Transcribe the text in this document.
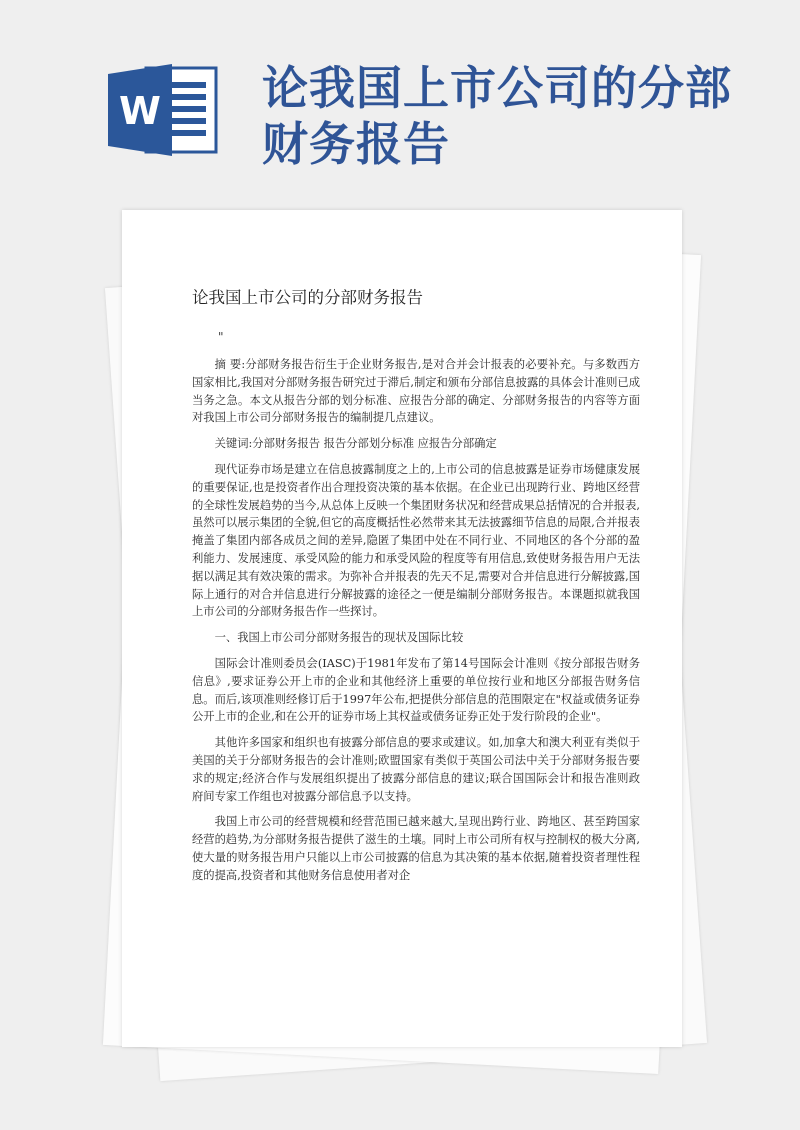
W 论我国上市公司的分部
财务报告
论我国上市公司的分部财务报告
"

摘 要:分部财务报告衍生于企业财务报告,是对合并会计报表的必要补充。与多数西方国家相比,我国对分部财务报告研究过于滞后,制定和颁布分部信息披露的具体会计准则已成当务之急。本文从报告分部的划分标准、应报告分部的确定、分部财务报告的内容等方面对我国上市公司分部财务报告的编制提几点建议。

关键词:分部财务报告 报告分部划分标准 应报告分部确定

现代证券市场是建立在信息披露制度之上的,上市公司的信息披露是证券市场健康发展的重要保证,也是投资者作出合理投资决策的基本依据。在企业已出现跨行业、跨地区经营的全球性发展趋势的当今,从总体上反映一个集团财务状况和经营成果总括情况的合并报表,虽然可以展示集团的全貌,但它的高度概括性必然带来其无法披露细节信息的局限,合并报表掩盖了集团内部各成员之间的差异,隐匿了集团中处在不同行业、不同地区的各个分部的盈利能力、发展速度、承受风险的能力和承受风险的程度等有用信息,致使财务报告用户无法据以满足其有效决策的需求。为弥补合并报表的先天不足,需要对合并信息进行分解披露,国际上通行的对合并信息进行分解披露的途径之一便是编制分部财务报告。本课题拟就我国上市公司的分部财务报告作一些探讨。

一、我国上市公司分部财务报告的现状及国际比较

国际会计准则委员会(IASC)于1981年发布了第14号国际会计准则《按分部报告财务信息》,要求证券公开上市的企业和其他经济上重要的单位按行业和地区分部报告财务信息。而后,该项准则经修订后于1997年公布,把提供分部信息的范围限定在"权益或债务证券公开上市的企业,和在公开的证券市场上其权益或债务证券正处于发行阶段的企业"。

其他许多国家和组织也有披露分部信息的要求或建议。如,加拿大和澳大利亚有类似于美国的关于分部财务报告的会计准则;欧盟国家有类似于英国公司法中关于分部财务报告要求的规定;经济合作与发展组织提出了披露分部信息的建议;联合国国际会计和报告准则政府间专家工作组也对披露分部信息予以支持。

我国上市公司的经营规模和经营范围已越来越大,呈现出跨行业、跨地区、甚至跨国家经营的趋势,为分部财务报告提供了滋生的土壤。同时上市公司所有权与控制权的极大分离,使大量的财务报告用户只能以上市公司披露的信息为其决策的基本依据,随着投资者理性程度的提高,投资者和其他财务信息使用者对企
